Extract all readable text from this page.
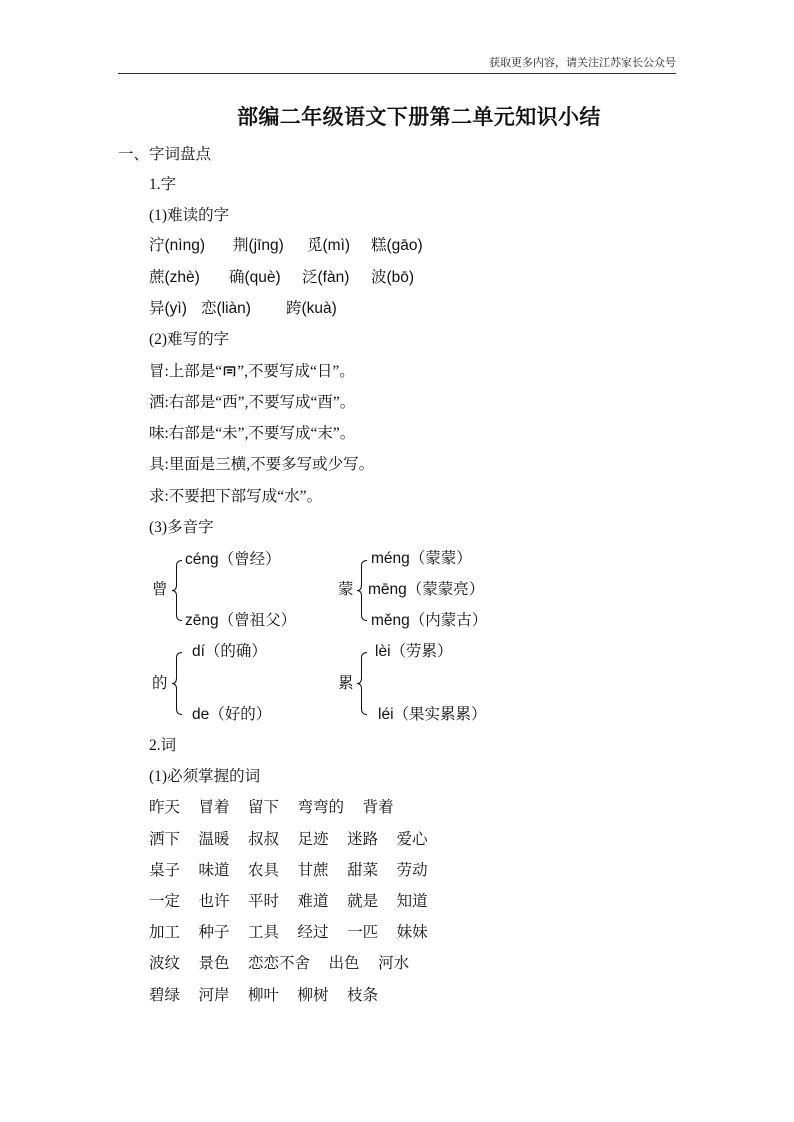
获取更多内容，请关注江苏家长公众号
部编二年级语文下册第二单元知识小结
一、字词盘点
1.字
(1)难读的字
泞(nìng) 荆(jīng) 觅(mì) 糕(gāo)
蔗(zhè) 确(què) 泛(fàn) 波(bō)
异(yì) 恋(liàn) 跨(kuà)
(2)难写的字
冒:上部是“ ”,不要写成“日”。
洒:右部是“西”,不要写成“酉”。
味:右部是“未”,不要写成“末”。
具:里面是三横,不要多写或少写。
求:不要把下部写成“水”。
(3)多音字
曾
céng（曾经）
zēng（曾祖父）
蒙
méng（蒙蒙）
mēng（蒙蒙亮）
měng（内蒙古）
的
dí（的确）
de（好的）
累
lèi（劳累）
léi（果实累累）
2.词
(1)必须掌握的词
昨天 冒着 留下 弯弯的 背着
洒下 温暖 叔叔 足迹 迷路 爱心
桌子 味道 农具 甘蔗 甜菜 劳动
一定 也许 平时 难道 就是 知道
加工 种子 工具 经过 一匹 妹妹
波纹 景色 恋恋不舍 出色 河水
碧绿 河岸 柳叶 柳树 枝条
